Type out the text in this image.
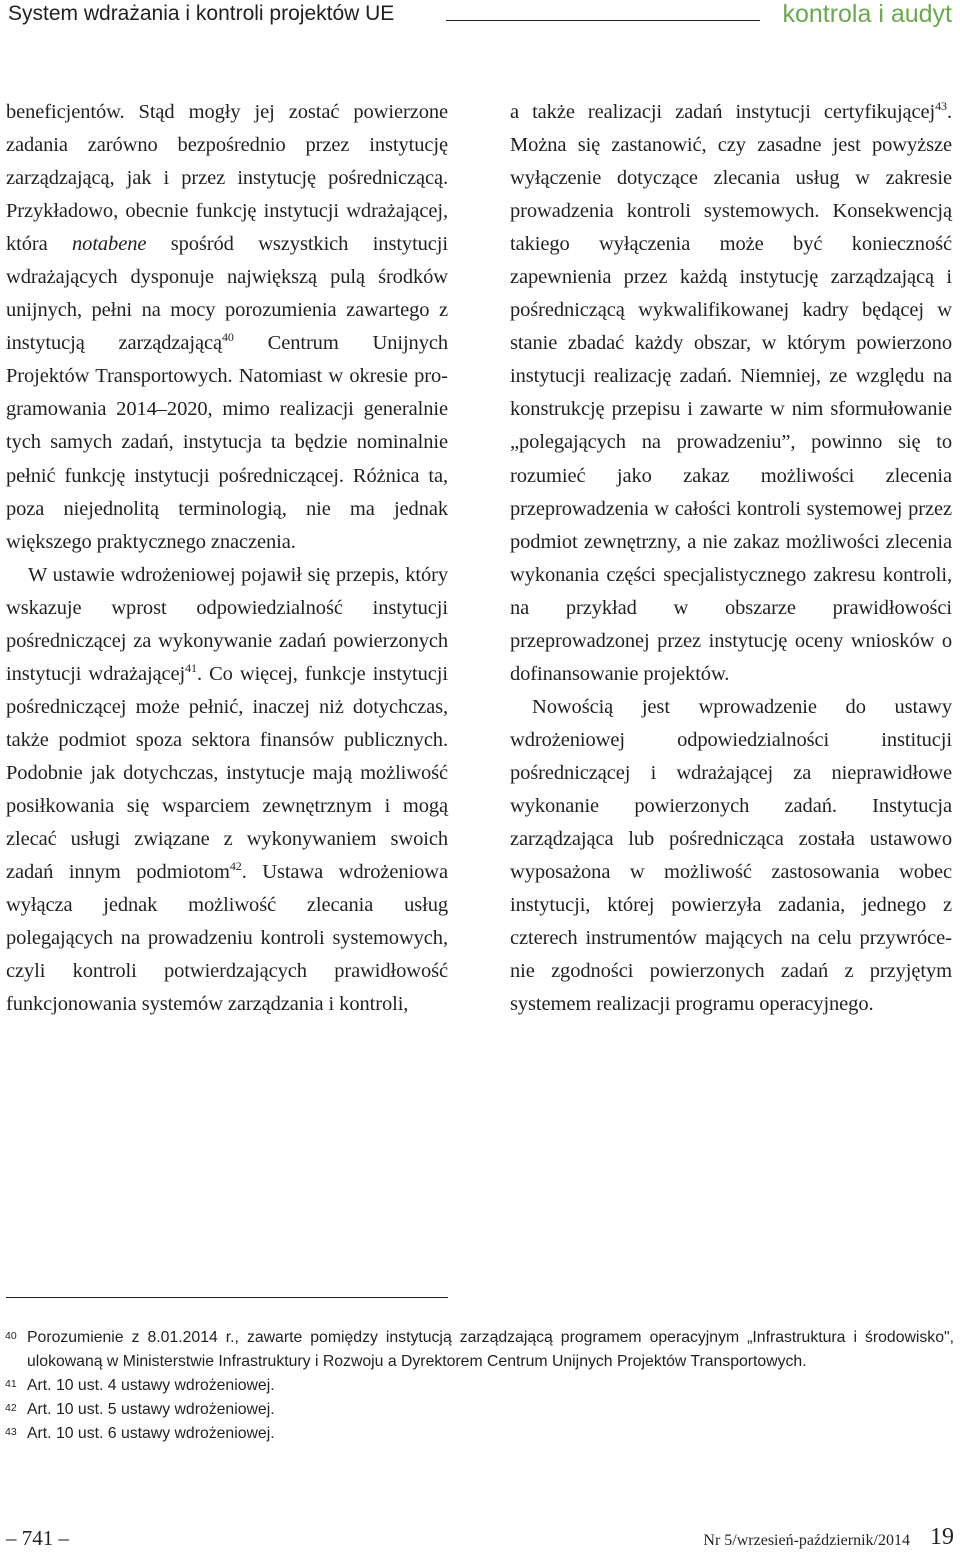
System wdrażania i kontroli projektów UE	kontrola i audyt

beneficjentów. Stąd mogły jej zostać powierzone zadania zarówno bezpośrednio przez instytucję zarządzającą, jak i przez instytucję pośredniczącą. Przykładowo, obecnie funkcję instytucji wdrażającej, która notabene spośród wszystkich instytucji wdrażających dysponuje największą pulą środków unijnych, pełni na mocy porozumienia zawartego z instytucją zarządzającą$^{40}$ Centrum Unijnych Projektów Transportowych. Natomiast w okresie programowania 2014–2020, mimo realizacji generalnie tych samych zadań, instytucja ta będzie nominalnie pełnić funkcję instytucji pośredniczącej. Różnica ta, poza niejednolitą terminologią, nie ma jednak większego praktycznego znaczenia.

W ustawie wdrożeniowej pojawił się przepis, który wskazuje wprost odpowiedzialność instytucji pośredniczącej za wykonywanie zadań powierzonych instytucji wdrażającej$^{41}$. Co więcej, funkcje instytucji pośredniczącej może pełnić, inaczej niż dotychczas, także podmiot spoza sektora finansów publicznych. Podobnie jak dotychczas, instytucje mają możliwość posiłkowania się wsparciem zewnętrznym i mogą zlecać usługi związane z wykonywaniem swoich zadań innym podmiotom$^{42}$. Ustawa wdrożeniowa wyłącza jednak możliwość zlecania usług polegających na prowadzeniu kontroli systemowych, czyli kontroli potwierdzających prawidłowość funkcjonowania systemów zarządzania i kontroli,

a także realizacji zadań instytucji certyfikującej$^{43}$. Można się zastanowić, czy zasadne jest powyższe wyłączenie dotyczące zlecania usług w zakresie prowadzenia kontroli systemowych. Konsekwencją takiego wyłączenia może być konieczność zapewnienia przez każdą instytucję zarządzającą i pośredniczącą wykwalifikowanej kadry będącej w stanie zbadać każdy obszar, w którym powierzono instytucji realizację zadań. Niemniej, ze względu na konstrukcję przepisu i zawarte w nim sformułowanie „polegających na prowadzeniu”, powinno się to rozumieć jako zakaz możliwości zlecenia przeprowadzenia w całości kontroli systemowej przez podmiot zewnętrzny, a nie zakaz możliwości zlecenia wykonania części specjalistycznego zakresu kontroli, na przykład w obszarze prawidłowości przeprowadzonej przez instytucję oceny wniosków o dofinansowanie projektów.

Nowością jest wprowadzenie do ustawy wdrożeniowej odpowiedzialności institucji pośredniczącej i wdrażającej za nieprawidłowe wykonanie powierzonych zadań. Instytucja zarządzająca lub pośrednicząca została ustawowo wyposażona w możliwość zastosowania wobec instytucji, której powierzyła zadania, jednego z czterech instrumentów mających na celu przywrócenie zgodności powierzonych zadań z przyjętym systemem realizacji programu operacyjnego.

40 Porozumienie z 8.01.2014 r., zawarte pomiędzy instytucją zarządzającą programem operacyjnym „Infrastruktura i środowisko", ulokowaną w Ministerstwie Infrastruktury i Rozwoju a Dyrektorem Centrum Unijnych Projektów Transportowych.
41 Art. 10 ust. 4 ustawy wdrożeniowej.
42 Art. 10 ust. 5 ustawy wdrożeniowej.
43 Art. 10 ust. 6 ustawy wdrożeniowej.
– 741 –	Nr 5/wrzesień-październik/2014 19
